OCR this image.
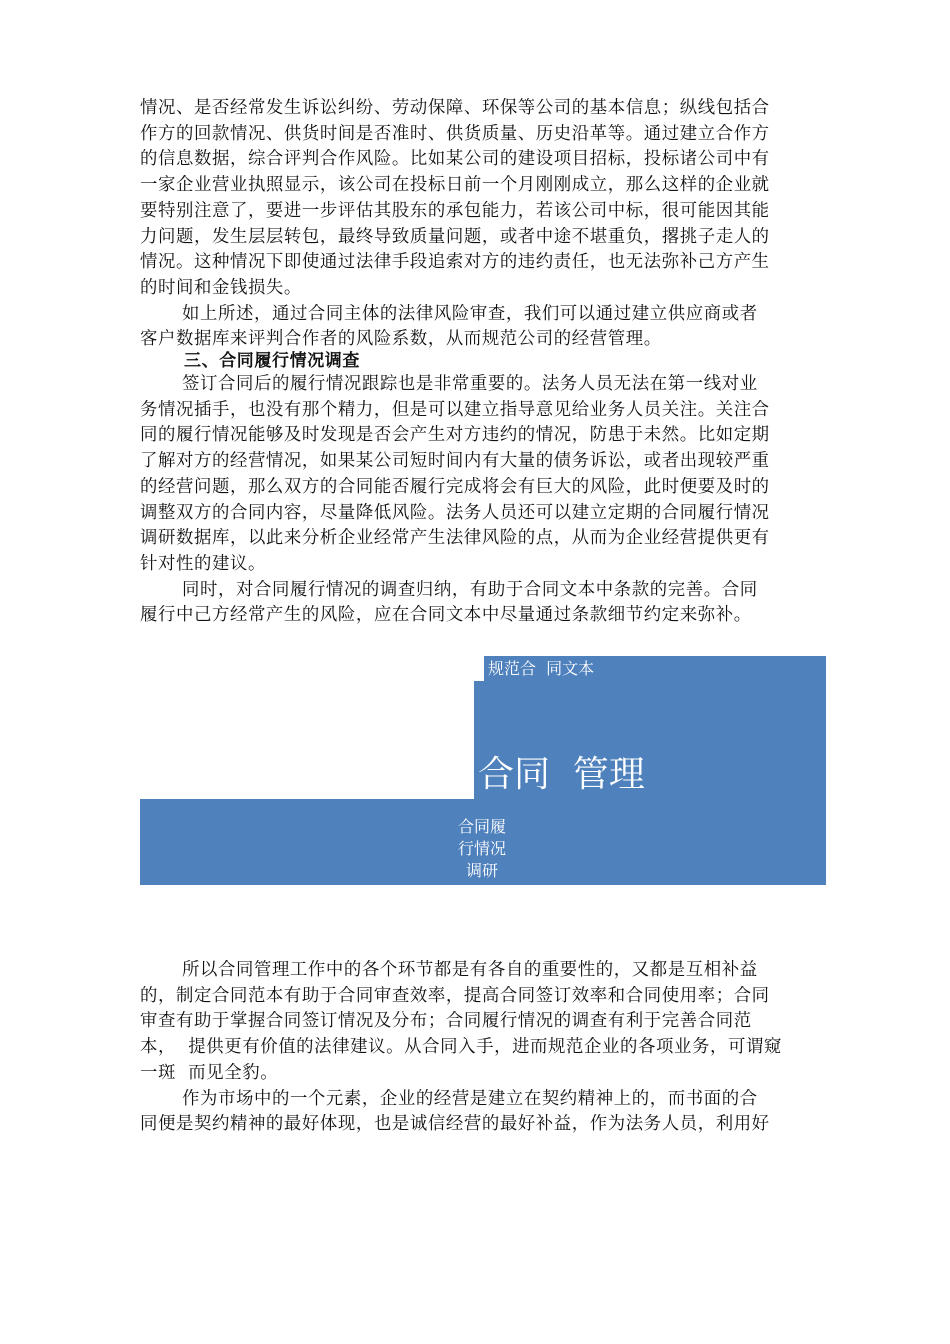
情况、是否经常发生诉讼纠纷、劳动保障、环保等公司的基本信息；纵线包括合

作方的回款情况、供货时间是否准时、供货质量、历史沿革等。通过建立合作方

的信息数据，综合评判合作风险。比如某公司的建设项目招标，投标诸公司中有

一家企业营业执照显示，该公司在投标日前一个月刚刚成立，那么这样的企业就

要特别注意了，要进一步评估其股东的承包能力，若该公司中标，很可能因其能

力问题，发生层层转包，最终导致质量问题，或者中途不堪重负，撂挑子走人的

情况。这种情况下即使通过法律手段追索对方的违约责任，也无法弥补己方产生

的时间和金钱损失。

如上所述，通过合同主体的法律风险审查，我们可以通过建立供应商或者

客户数据库来评判合作者的风险系数，从而规范公司的经营管理。

三、合同履行情况调查

签订合同后的履行情况跟踪也是非常重要的。法务人员无法在第一线对业

务情况插手，也没有那个精力，但是可以建立指导意见给业务人员关注。关注合

同的履行情况能够及时发现是否会产生对方违约的情况，防患于未然。比如定期

了解对方的经营情况，如果某公司短时间内有大量的债务诉讼，或者出现较严重

的经营问题，那么双方的合同能否履行完成将会有巨大的风险，此时便要及时的

调整双方的合同内容，尽量降低风险。法务人员还可以建立定期的合同履行情况

调研数据库，以此来分析企业经常产生法律风险的点，从而为企业经营提供更有

针对性的建议。

同时，对合同履行情况的调查归纳，有助于合同文本中条款的完善。合同

履行中己方经常产生的风险，应在合同文本中尽量通过条款细节约定来弥补。

规范合  同文本
合同  管理
合同履
行情况
调研

所以合同管理工作中的各个环节都是有各自的重要性的，又都是互相补益

的，制定合同范本有助于合同审查效率，提高合同签订效率和合同使用率；合同

审查有助于掌握合同签订情况及分布；合同履行情况的调查有利于完善合同范

本，  提供更有价值的法律建议。从合同入手，进而规范企业的各项业务，可谓窥

一斑  而见全豹。

作为市场中的一个元素，企业的经营是建立在契约精神上的，而书面的合

同便是契约精神的最好体现，也是诚信经营的最好补益，作为法务人员，利用好
